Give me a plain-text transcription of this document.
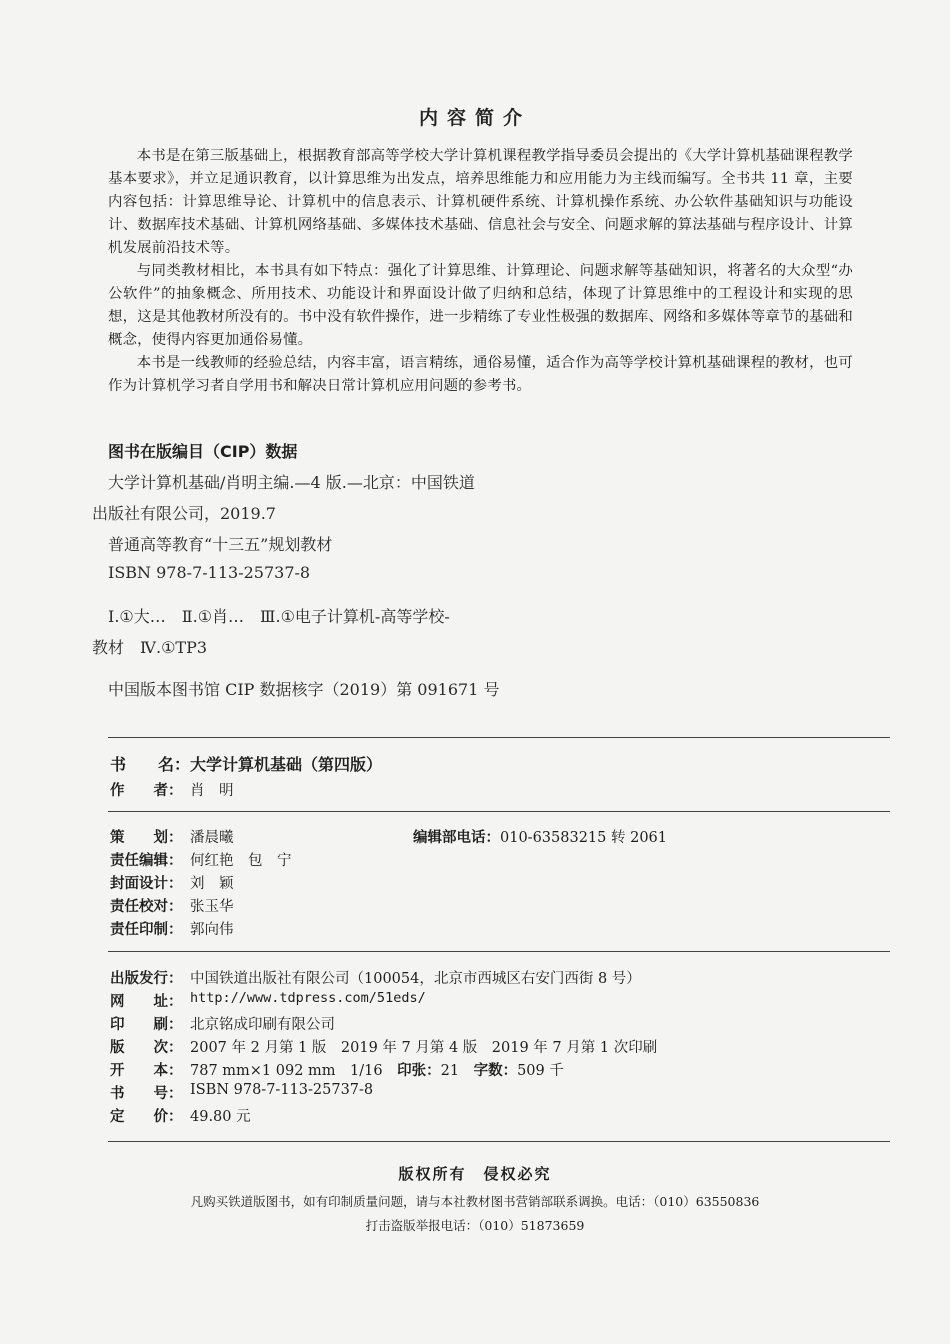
内容简介

本书是在第三版基础上，根据教育部高等学校大学计算机课程教学指导委员会提出的《大学计算机基础课程教学基本要求》，并立足通识教育，以计算思维为出发点，培养思维能力和应用能力为主线而编写。全书共 11 章，主要内容包括：计算思维导论、计算机中的信息表示、计算机硬件系统、计算机操作系统、办公软件基础知识与功能设计、数据库技术基础、计算机网络基础、多媒体技术基础、信息社会与安全、问题求解的算法基础与程序设计、计算机发展前沿技术等。

与同类教材相比，本书具有如下特点：强化了计算思维、计算理论、问题求解等基础知识，将著名的大众型“办公软件”的抽象概念、所用技术、功能设计和界面设计做了归纳和总结，体现了计算思维中的工程设计和实现的思想，这是其他教材所没有的。书中没有软件操作，进一步精练了专业性极强的数据库、网络和多媒体等章节的基础和概念，使得内容更加通俗易懂。

本书是一线教师的经验总结，内容丰富，语言精练，通俗易懂，适合作为高等学校计算机基础课程的教材，也可作为计算机学习者自学用书和解决日常计算机应用问题的参考书。

图书在版编目（CIP）数据
大学计算机基础/肖明主编.—4 版.—北京：中国铁道
出版社有限公司，2019.7
普通高等教育“十三五”规划教材
ISBN 978-7-113-25737-8
Ⅰ.①大…　Ⅱ.①肖…　Ⅲ.①电子计算机-高等学校-
教材　Ⅳ.①TP3
中国版本图书馆 CIP 数据核字（2019）第 091671 号
书　　名： 大学计算机基础（第四版）
作　　者： 肖　明
策　　划： 潘晨曦	编辑部电话：010-63583215 转 2061
责任编辑： 何红艳　包　宁
封面设计： 刘　颖
责任校对： 张玉华
责任印制： 郭向伟
出版发行： 中国铁道出版社有限公司（100054，北京市西城区右安门西街 8 号）
网　　址： http://www.tdpress.com/51eds/
印　　刷： 北京铭成印刷有限公司
版　　次： 2007 年 2 月第 1 版　2019 年 7 月第 4 版　2019 年 7 月第 1 次印刷
开　　本： 787 mm×1 092 mm　1/16　 印张： 21　 字数： 509 千
书　　号： ISBN 978-7-113-25737-8
定　　价： 49.80 元
版权所有　侵权必究
凡购买铁道版图书，如有印制质量问题，请与本社教材图书营销部联系调换。电话：（010）63550836
打击盗版举报电话：（010）51873659
